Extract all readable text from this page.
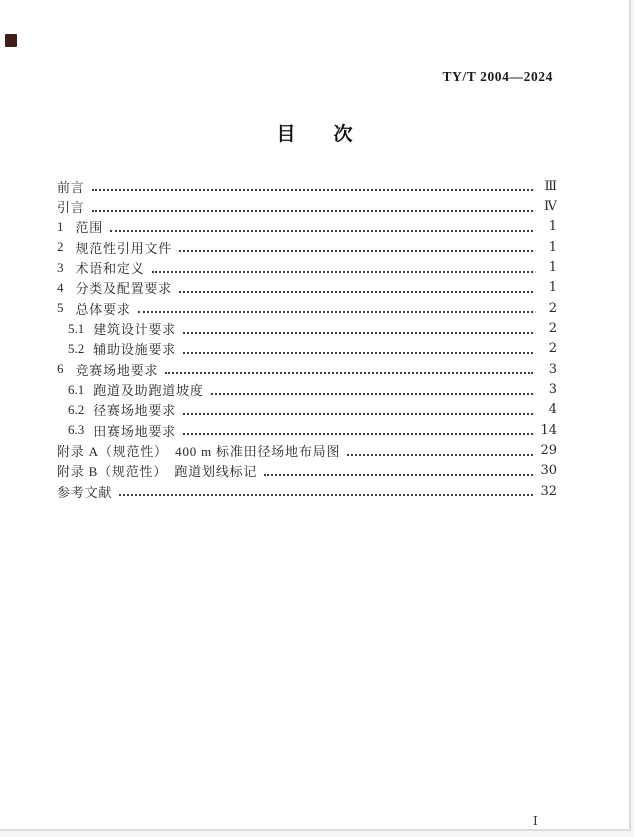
TY/T 2004—2024
目 次
前言	Ⅲ
引言	Ⅳ
1 范围	1
2 规范性引用文件	1
3 术语和定义	1
4 分类及配置要求	1
5 总体要求	2
5.1 建筑设计要求	2
5.2 辅助设施要求	2
6 竞赛场地要求	3
6.1 跑道及助跑道坡度	3
6.2 径赛场地要求	4
6.3 田赛场地要求	14
附录 A（规范性）　400 m 标准田径场地布局图	29
附录 B（规范性）　跑道划线标记	30
参考文献	32
Ⅰ
